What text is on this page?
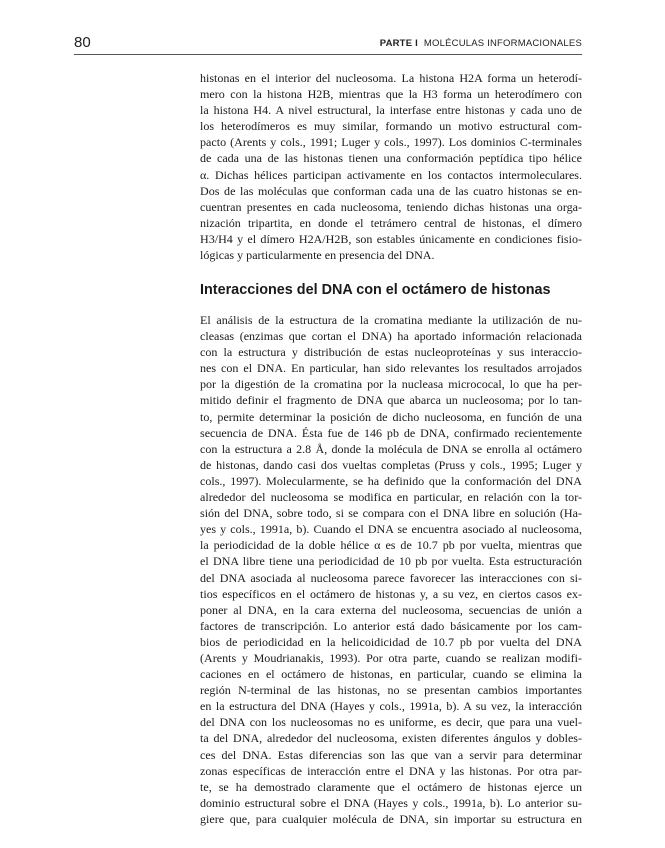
80	PARTE I MOLÉCULAS INFORMACIONALES

histonas en el interior del nucleosoma. La histona H2A forma un heterodí-
mero con la histona H2B, mientras que la H3 forma un heterodímero con
la histona H4. A nivel estructural, la interfase entre histonas y cada uno de
los heterodímeros es muy similar, formando un motivo estructural com-
pacto (Arents y cols., 1991; Luger y cols., 1997). Los dominios C-terminales
de cada una de las histonas tienen una conformación peptídica tipo hélice
α. Dichas hélices participan activamente en los contactos intermoleculares.
Dos de las moléculas que conforman cada una de las cuatro histonas se en-
cuentran presentes en cada nucleosoma, teniendo dichas histonas una orga-
nización tripartita, en donde el tetrámero central de histonas, el dímero
H3/H4 y el dímero H2A/H2B, son estables únicamente en condiciones fisio-
lógicas y particularmente en presencia del DNA.

Interacciones del DNA con el octámero de histonas

El análisis de la estructura de la cromatina mediante la utilización de nu-
cleasas (enzimas que cortan el DNA) ha aportado información relacionada
con la estructura y distribución de estas nucleoproteínas y sus interaccio-
nes con el DNA. En particular, han sido relevantes los resultados arrojados
por la digestión de la cromatina por la nucleasa micrococal, lo que ha per-
mitido definir el fragmento de DNA que abarca un nucleosoma; por lo tan-
to, permite determinar la posición de dicho nucleosoma, en función de una
secuencia de DNA. Ésta fue de 146 pb de DNA, confirmado recientemente
con la estructura a 2.8 Å, donde la molécula de DNA se enrolla al octámero
de histonas, dando casi dos vueltas completas (Pruss y cols., 1995; Luger y
cols., 1997). Molecularmente, se ha definido que la conformación del DNA
alrededor del nucleosoma se modifica en particular, en relación con la tor-
sión del DNA, sobre todo, si se compara con el DNA libre en solución (Ha-
yes y cols., 1991a, b). Cuando el DNA se encuentra asociado al nucleosoma,
la periodicidad de la doble hélice α es de 10.7 pb por vuelta, mientras que
el DNA libre tiene una periodicidad de 10 pb por vuelta. Esta estructuración
del DNA asociada al nucleosoma parece favorecer las interacciones con si-
tios específicos en el octámero de histonas y, a su vez, en ciertos casos ex-
poner al DNA, en la cara externa del nucleosoma, secuencias de unión a
factores de transcripción. Lo anterior está dado básicamente por los cam-
bios de periodicidad en la helicoidicidad de 10.7 pb por vuelta del DNA
(Arents y Moudrianakis, 1993). Por otra parte, cuando se realizan modifi-
caciones en el octámero de histonas, en particular, cuando se elimina la
región N-terminal de las histonas, no se presentan cambios importantes
en la estructura del DNA (Hayes y cols., 1991a, b). A su vez, la interacción
del DNA con los nucleosomas no es uniforme, es decir, que para una vuel-
ta del DNA, alrededor del nucleosoma, existen diferentes ángulos y dobles-
ces del DNA. Estas diferencias son las que van a servir para determinar
zonas específicas de interacción entre el DNA y las histonas. Por otra par-
te, se ha demostrado claramente que el octámero de histonas ejerce un
dominio estructural sobre el DNA (Hayes y cols., 1991a, b). Lo anterior su-
giere que, para cualquier molécula de DNA, sin importar su estructura en
